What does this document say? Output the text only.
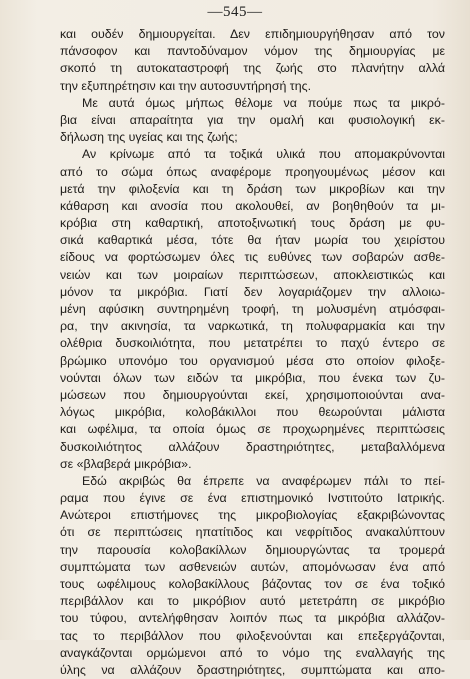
—545—
και ουδέν δημιουργείται. Δεν επιδημιουργήθησαν από τον
πάνσοφον και παντοδύναμον νόμον της δημιουργίας με
σκοπό τη αυτοκαταστροφή της ζωής στο πλανήτην αλλά
την εξυπηρέτησιν και την αυτοσυντήρησή της.
Με αυτά όμως μήπως θέλομε να πούμε πως τα μικρό-
βια είναι απαραίτητα για την ομαλή και φυσιολογική εκ-
δήλωση της υγείας και της ζωής;
Αν κρίνωμε από τα τοξικά υλικά που απομακρύνονται
από το σώμα όπως αναφέρομε προηγουμένως μέσον και
μετά την φιλοξενία και τη δράση των μικροβίων και την
κάθαρση και ανοσία που ακολουθεί, αν βοηθηθούν τα μι-
κρόβια στη καθαρτική, αποτοξινωτική τους δράση με φυ-
σικά καθαρτικά μέσα, τότε θα ήταν μωρία του χειρίστου
είδους να φορτώσωμεν όλες τις ευθύνες των σοβαρών ασθε-
νειών και των μοιραίων περιπτώσεων, αποκλειστικώς και
μόνον τα μικρόβια. Γιατί δεν λογαριάζομεν την αλλοιω-
μένη αφύσικη συντηρημένη τροφή, τη μολυσμένη ατμόσφαι-
ρα, την ακινησία, τα ναρκωτικά, τη πολυφαρμακία και την
ολέθρια δυσκοιλιότητα, που μετατρέπει το παχύ έντερο σε
βρώμικο υπονόμο του οργανισμού μέσα στο οποίον φιλοξε-
νούνται όλων των ειδών τα μικρόβια, που ένεκα των ζυ-
μώσεων που δημιουργούνται εκεί, χρησιμοποιούνται ανα-
λόγως μικρόβια, κολοβάκιλλοι που θεωρούνται μάλιστα
και ωφέλιμα, τα οποία όμως σε προχωρημένες περιπτώσεις
δυσκοιλιότητος αλλάζουν δραστηριότητες, μεταβαλλόμενα
σε «βλαβερά μικρόβια».
Εδώ ακριβώς θα έπρεπε να αναφέρωμεν πάλι το πεί-
ραμα που έγινε σε ένα επιστημονικό Ινστιτούτο Ιατρικής.
Ανώτεροι επιστήμονες της μικροβιολογίας εξακριβώνοντας
ότι σε περιπτώσεις ηπατίτιδος και νεφρίτιδος ανακαλύπτουν
την παρουσία κολοβακίλλων δημιουργώντας τα τρομερά
συμπτώματα των ασθενειών αυτών, απομόνωσαν ένα από
τους ωφέλιμους κολοβακίλλους βάζοντας τον σε ένα τοξικό
περιβάλλον και το μικρόβιον αυτό μετετράπη σε μικρόβιο
του τύφου, αντελήφθησαν λοιπόν πως τα μικρόβια αλλάζον-
τας το περιβάλλον που φιλοξενούνται και επεξεργάζονται,
αναγκάζονται ορμώμενοι από το νόμο της εναλλαγής της
ύλης να αλλάζουν δραστηριότητες, συμπτώματα και απο-
